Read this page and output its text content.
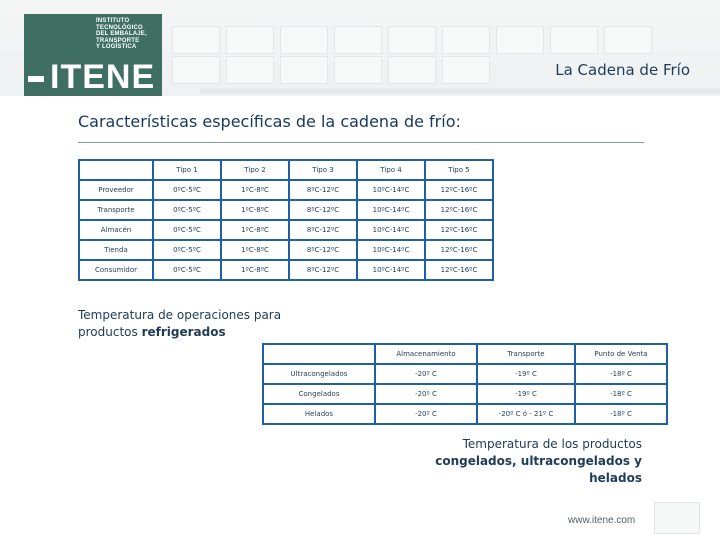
INSTITUTO
TECNOLÓGICO
DEL EMBALAJE,
TRANSPORTE
Y LOGÍSTICA
ITENE	La Cadena de Frío
Características específicas de la cadena de frío:
	Tipo 1	Tipo 2	Tipo 3	Tipo 4	Tipo 5
Proveedor	0ºC-5ºC	1ºC-8ºC	8ºC-12ºC	10ºC-14ºC	12ºC-16ºC
Transporte	0ºC-5ºC	1ºC-8ºC	8ºC-12ºC	10ºC-14ºC	12ºC-16ºC
Almacén	0ºC-5ºC	1ºC-8ºC	8ºC-12ºC	10ºC-14ºC	12ºC-16ºC
Tienda	0ºC-5ºC	1ºC-8ºC	8ºC-12ºC	10ºC-14ºC	12ºC-16ºC
Consumidor	0ºC-5ºC	1ºC-8ºC	8ºC-12ºC	10ºC-14ºC	12ºC-16ºC
Temperatura de operaciones para
productos refrigerados
	Almacenamiento	Transporte	Punto de Venta
Ultracongelados	-20º C	-19º C	-18º C
Congelados	-20º C	-19º C	-18º C
Helados	-20º C	-20º C ó - 21º C	-18º C
Temperatura de los productos
congelados, ultracongelados y
helados
www.itene.com
